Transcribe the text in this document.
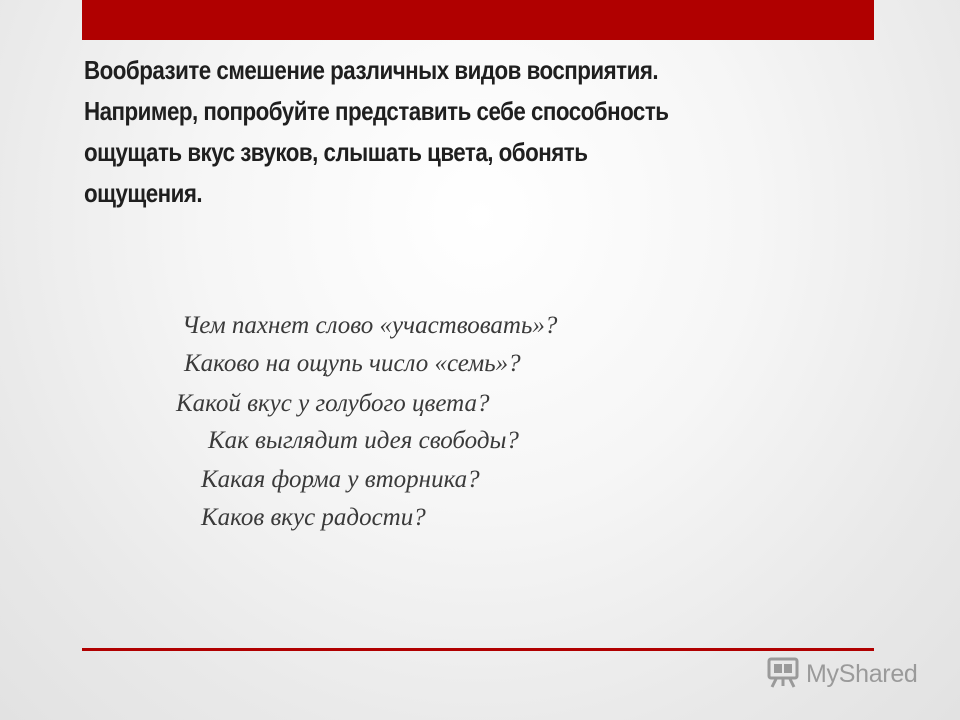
Вообразите смешение различных видов восприятия.
Например, попробуйте представить себе способность
ощущать вкус звуков, слышать цвета, обонять
ощущения.
Чем пахнет слово «участвовать»?
Каково на ощупь число «семь»?
Какой вкус у голубого цвета?
Как выглядит идея свободы?
Какая форма у вторника?
Каков вкус радости?
MyShared
